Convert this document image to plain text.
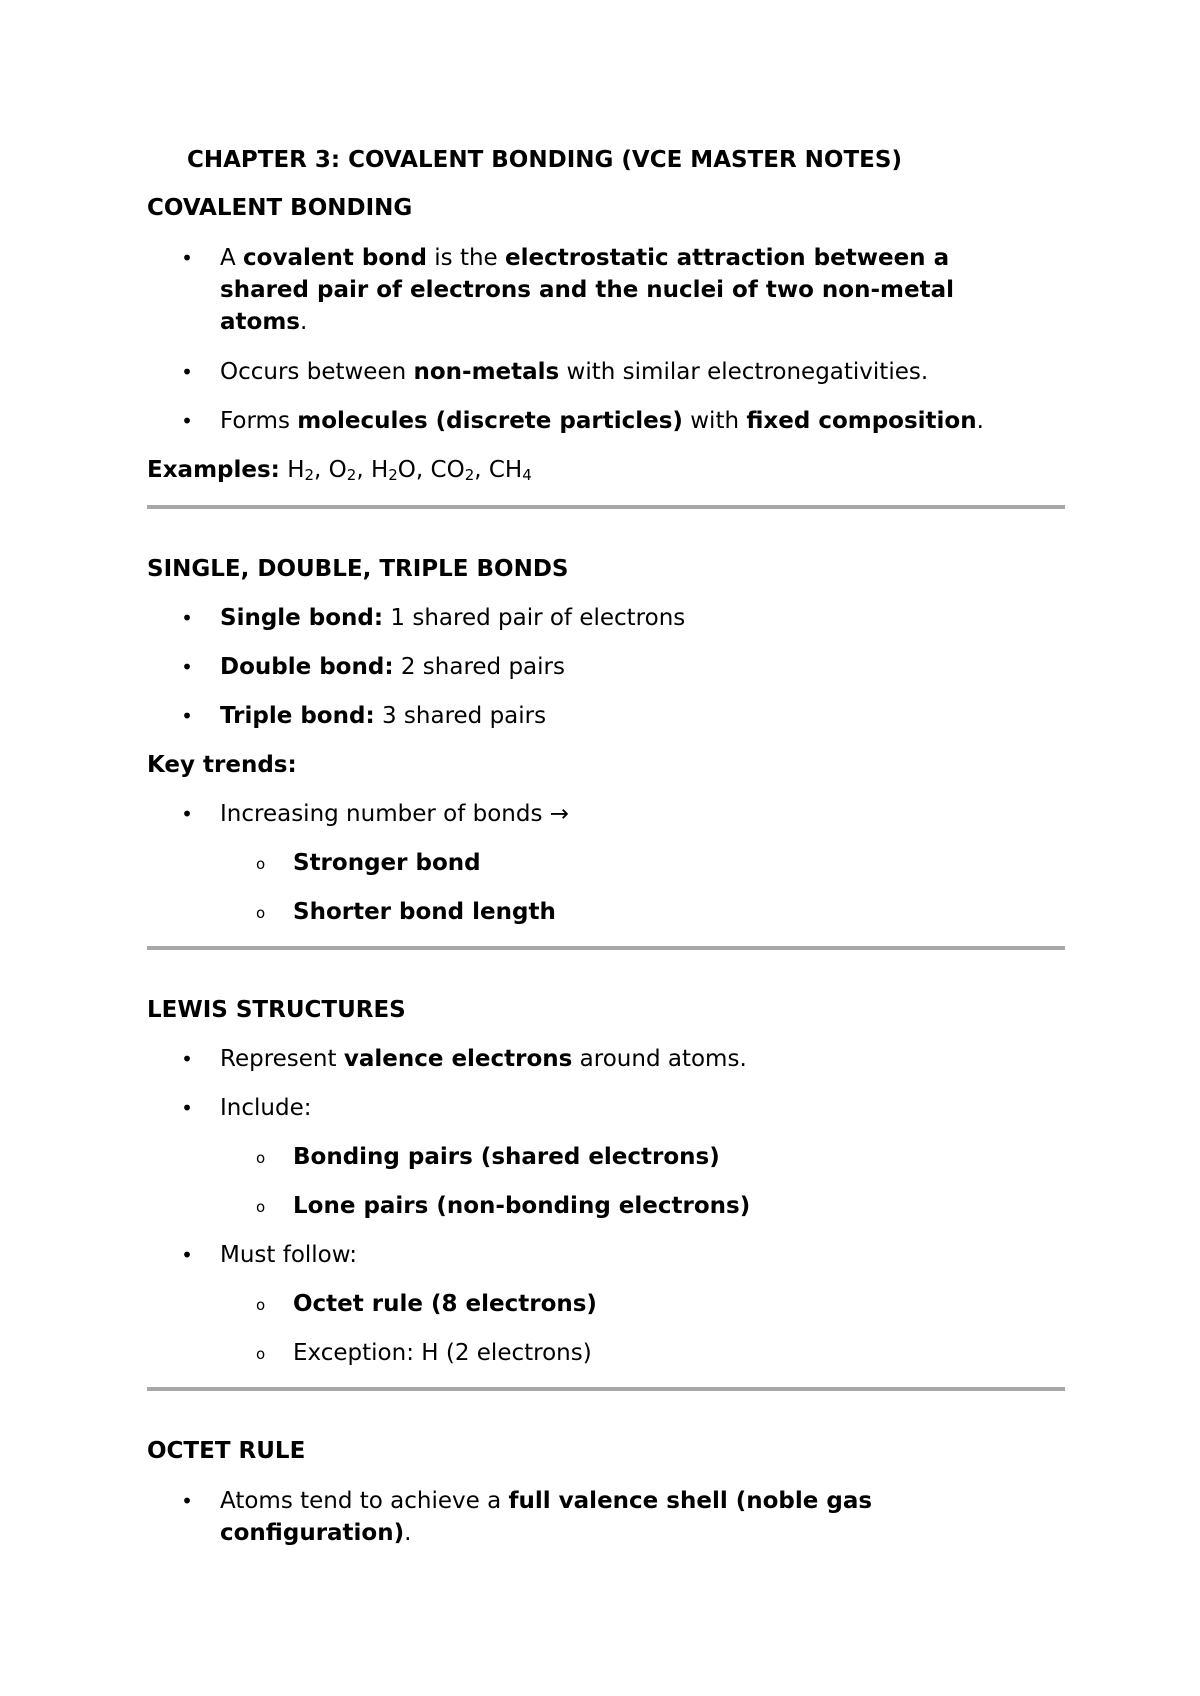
CHAPTER 3: COVALENT BONDING (VCE MASTER NOTES)
COVALENT BONDING
• A covalent bond is the electrostatic attraction between a
shared pair of electrons and the nuclei of two non-metal
atoms.
• Occurs between non-metals with similar electronegativities.
• Forms molecules (discrete particles) with fixed composition.
Examples: $H_2$, $O_2$, $H_2O$, $CO_2$, $CH_4$
SINGLE, DOUBLE, TRIPLE BONDS
• Single bond: 1 shared pair of electrons
• Double bond: 2 shared pairs
• Triple bond: 3 shared pairs
Key trends:
• Increasing number of bonds →
o Stronger bond
o Shorter bond length
LEWIS STRUCTURES
• Represent valence electrons around atoms.
• Include:
o Bonding pairs (shared electrons)
o Lone pairs (non-bonding electrons)
• Must follow:
o Octet rule (8 electrons)
o Exception: H (2 electrons)
OCTET RULE
• Atoms tend to achieve a full valence shell (noble gas
configuration).
